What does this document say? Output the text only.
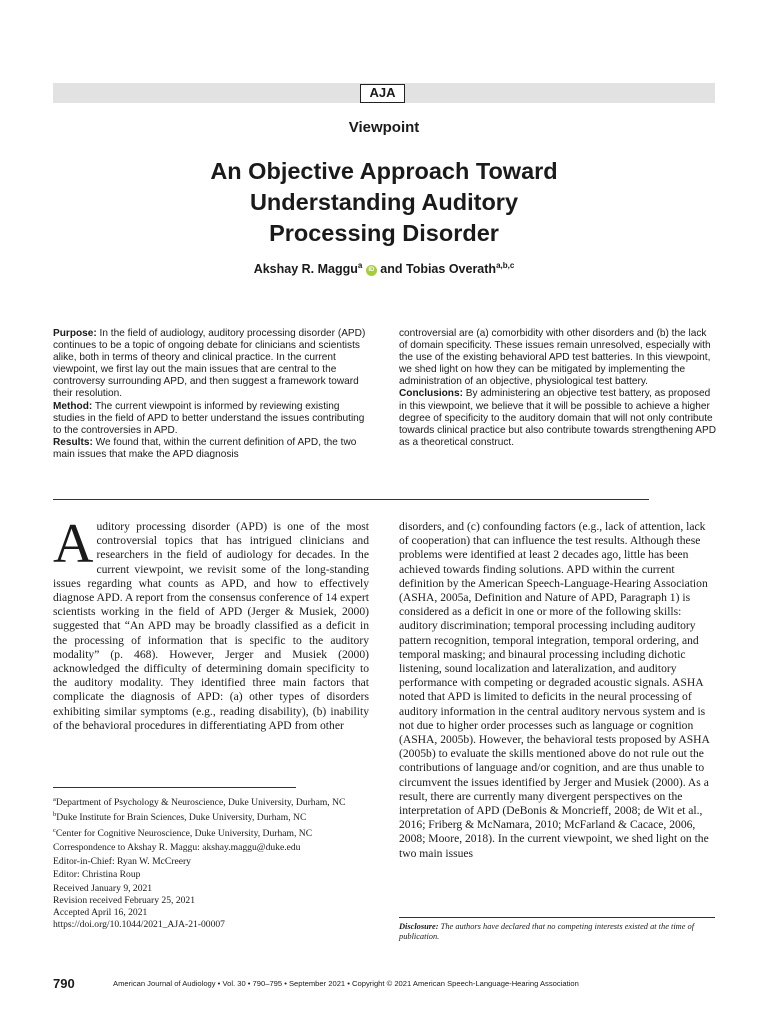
AJA
Viewpoint
An Objective Approach Toward
Understanding Auditory
Processing Disorder
Akshay R. Maggu$^a$ iD and Tobias Overath$^{a,b,c}$

Purpose: In the field of audiology, auditory processing disorder (APD) continues to be a topic of ongoing debate for clinicians and scientists alike, both in terms of theory and clinical practice. In the current viewpoint, we first lay out the main issues that are central to the controversy surrounding APD, and then suggest a framework toward their resolution.

Method: The current viewpoint is informed by reviewing existing studies in the field of APD to better understand the issues contributing to the controversies in APD.

Results: We found that, within the current definition of APD, the two main issues that make the APD diagnosis

controversial are (a) comorbidity with other disorders and (b) the lack of domain specificity. These issues remain unresolved, especially with the use of the existing behavioral APD test batteries. In this viewpoint, we shed light on how they can be mitigated by implementing the administration of an objective, physiological test battery.

Conclusions: By administering an objective test battery, as proposed in this viewpoint, we believe that it will be possible to achieve a higher degree of specificity to the auditory domain that will not only contribute towards clinical practice but also contribute towards strengthening APD as a theoretical construct.

Auditory processing disorder (APD) is one of the most controversial topics that has intrigued clinicians and researchers in the field of audiology for decades. In the current viewpoint, we revisit some of the long-standing issues regarding what counts as APD, and how to effectively diagnose APD. A report from the consensus conference of 14 expert scientists working in the field of APD (Jerger & Musiek, 2000) suggested that “An APD may be broadly classified as a deficit in the processing of information that is specific to the auditory modality” (p. 468). However, Jerger and Musiek (2000) acknowledged the difficulty of determining domain specificity to the auditory modality. They identified three main factors that complicate the diagnosis of APD: (a) other types of disorders exhibiting similar symptoms (e.g., reading disability), (b) inability of the behavioral procedures in differentiating APD from other

disorders, and (c) confounding factors (e.g., lack of attention, lack of cooperation) that can influence the test results. Although these problems were identified at least 2 decades ago, little has been achieved towards finding solutions. APD within the current definition by the American Speech-Language-Hearing Association (ASHA, 2005a, Definition and Nature of APD, Paragraph 1) is considered as a deficit in one or more of the following skills: auditory discrimination; temporal processing including auditory pattern recognition, temporal integration, temporal ordering, and temporal masking; and binaural processing including dichotic listening, sound localization and lateralization, and auditory performance with competing or degraded acoustic signals. ASHA noted that APD is limited to deficits in the neural processing of auditory information in the central auditory nervous system and is not due to higher order processes such as language or cognition (ASHA, 2005b). However, the behavioral tests proposed by ASHA (2005b) to evaluate the skills mentioned above do not rule out the contributions of language and/or cognition, and are thus unable to circumvent the issues identified by Jerger and Musiek (2000). As a result, there are currently many divergent perspectives on the interpretation of APD (DeBonis & Moncrieff, 2008; de Wit et al., 2016; Friberg & McNamara, 2010; McFarland & Cacace, 2006, 2008; Moore, 2018). In the current viewpoint, we shed light on the two main issues

$^a$Department of Psychology & Neuroscience, Duke University, Durham, NC

$^b$Duke Institute for Brain Sciences, Duke University, Durham, NC

$^c$Center for Cognitive Neuroscience, Duke University, Durham, NC

Correspondence to Akshay R. Maggu: akshay.maggu@duke.edu

Editor-in-Chief: Ryan W. McCreery

Editor: Christina Roup

Received January 9, 2021

Revision received February 25, 2021

Accepted April 16, 2021

https://doi.org/10.1044/2021_AJA-21-00007	Disclosure: The authors have declared that no competing interests existed at the time of publication.
790	American Journal of Audiology • Vol. 30 • 790–795 • September 2021 • Copyright © 2021 American Speech-Language-Hearing Association
